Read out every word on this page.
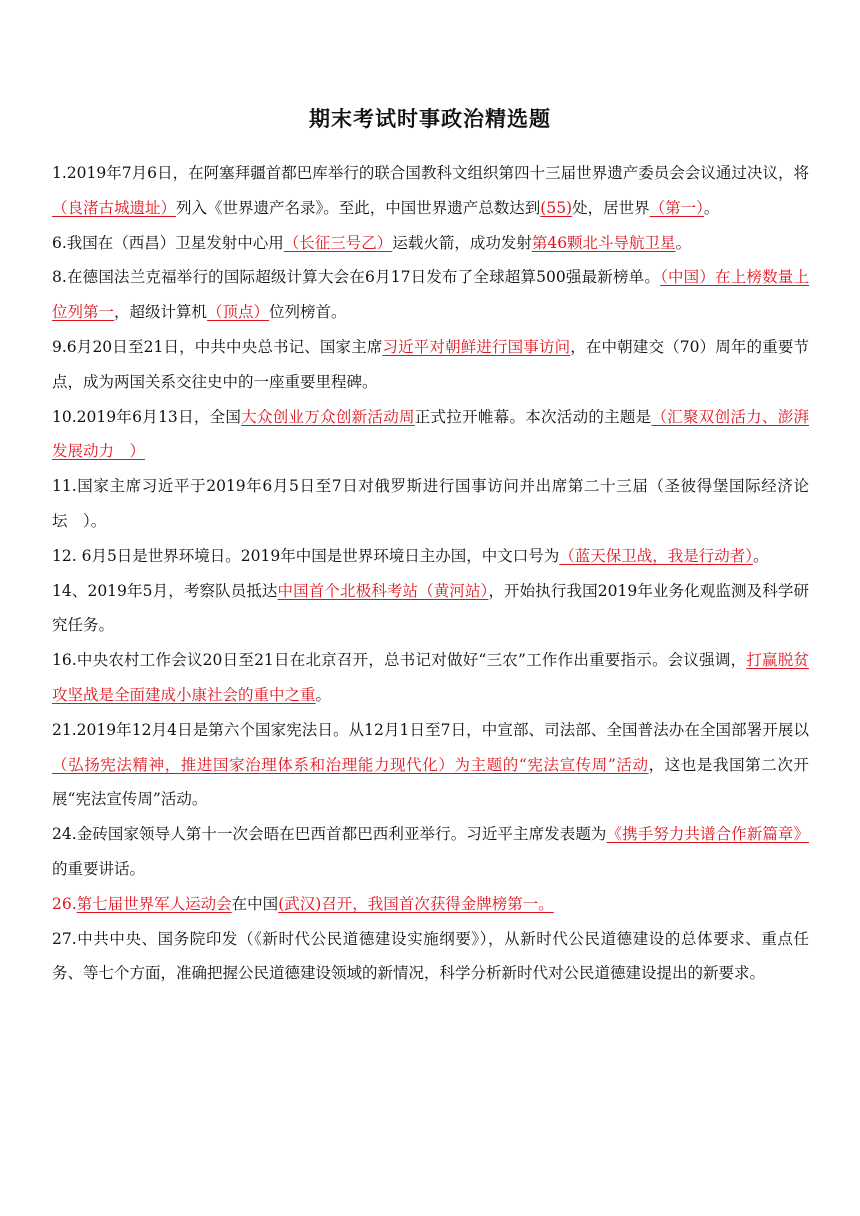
期末考试时事政治精选题

1.2019年7月6日，在阿塞拜疆首都巴库举行的联合国教科文组织第四十三届世界遗产委员会会议通过决议，将（良渚古城遗址）列入《世界遗产名录》。至此，中国世界遗产总数达到(55)处，居世界（第一）。

6.我国在（西昌）卫星发射中心用（长征三号乙）运载火箭，成功发射第46颗北斗导航卫星。

8.在德国法兰克福举行的国际超级计算大会在6月17日发布了全球超算500强最新榜单。（中国）在上榜数量上位列第一，超级计算机（顶点）位列榜首。

9.6月20日至21日，中共中央总书记、国家主席习近平对朝鲜进行国事访问，在中朝建交（70）周年的重要节点，成为两国关系交往史中的一座重要里程碑。

10.2019年6月13日，全国大众创业万众创新活动周正式拉开帷幕。本次活动的主题是（汇聚双创活力、澎湃发展动力　）

11.国家主席习近平于2019年6月5日至7日对俄罗斯进行国事访问并出席第二十三届（圣彼得堡国际经济论坛　）。

12. 6月5日是世界环境日。2019年中国是世界环境日主办国，中文口号为（蓝天保卫战，我是行动者）。

14、2019年5月，考察队员抵达中国首个北极科考站（黄河站），开始执行我国2019年业务化观监测及科学研究任务。

16.中央农村工作会议20日至21日在北京召开，总书记对做好“三农”工作作出重要指示。会议强调，打赢脱贫攻坚战是全面建成小康社会的重中之重。

21.2019年12月4日是第六个国家宪法日。从12月1日至7日，中宣部、司法部、全国普法办在全国部署开展以（弘扬宪法精神，推进国家治理体系和治理能力现代化）为主题的“宪法宣传周”活动，这也是我国第二次开展“宪法宣传周”活动。

24.金砖国家领导人第十一次会晤在巴西首都巴西利亚举行。习近平主席发表题为《携手努力共谱合作新篇章》的重要讲话。

26.第七届世界军人运动会在中国(武汉)召开，我国首次获得金牌榜第一。

27.中共中央、国务院印发（《新时代公民道德建设实施纲要》），从新时代公民道德建设的总体要求、重点任务、等七个方面，准确把握公民道德建设领域的新情况，科学分析新时代对公民道德建设提出的新要求。
